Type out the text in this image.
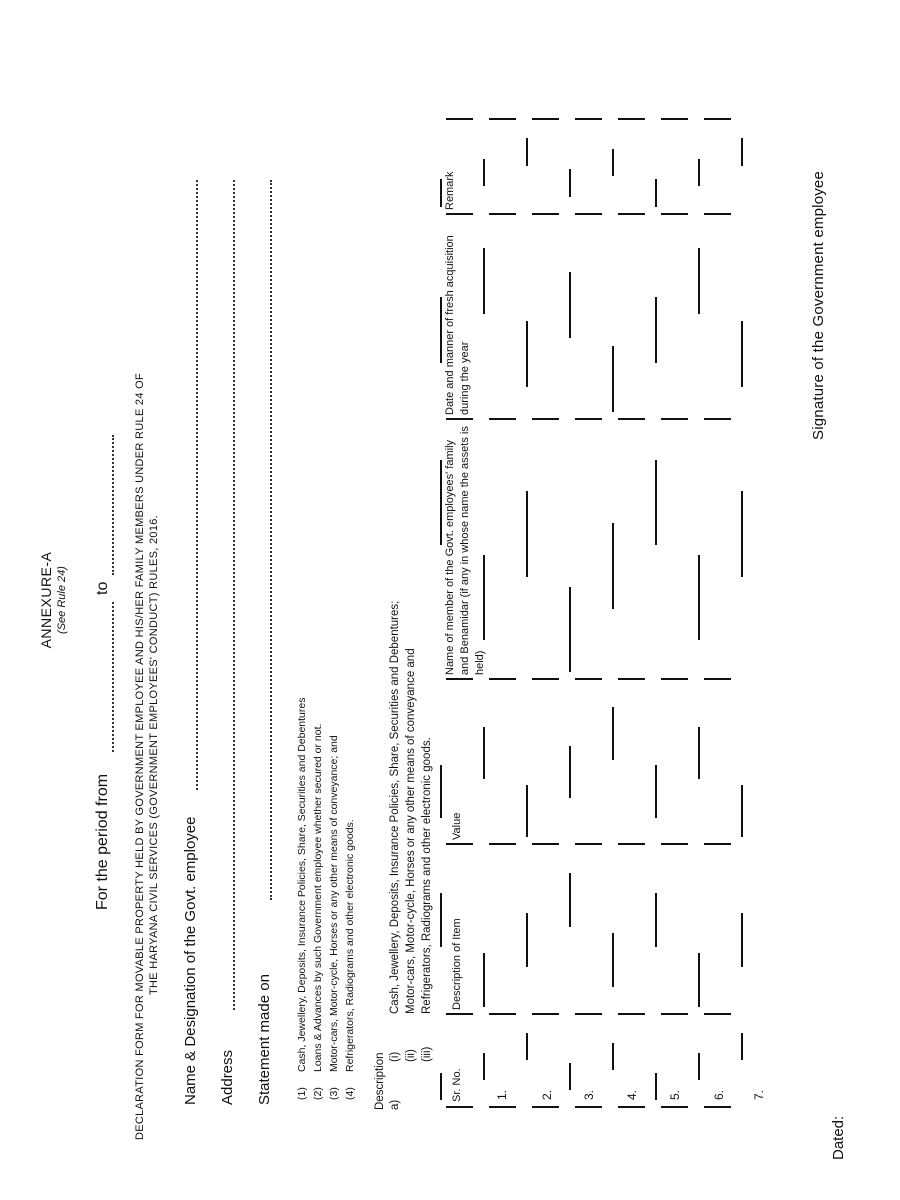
ANNEXURE-A (See Rule 24)
For the period from
to DECLARATION FORM FOR MOVABLE PROPERTY HELD BY GOVERNMENT EMPLOYEE AND HIS/HER FAMILY MEMBERS UNDER RULE 24 OF THE HARYANA CIVIL SERVICES (GOVERNMENT EMPLOYEES' CONDUCT) RULES, 2016. Name & Designation of the Govt. employee Address Statement made on (1)Cash, Jewellery, Deposits, Insurance Policies, Share, Securities and Debentures
(2)Loans & Advances by such Government employee whether secured or not.
(3)Motor-cars, Motor-cycle, Horses or any other means of conveyance; and
(4)Refrigerators, Radiograms and other electronic goods.
Description a)
(i)Cash, Jewellery, Deposits, Insurance Policies, Share, Securities and Debentures;
(ii)Motor-cars, Motor-cycle, Horses or any other means of conveyance and
(iii)Refrigerators, Radiograms and other electronic goods.
Sr. No.
Description of Item
Value
Name of member of the Govt. employees' family and Benamidar (if any in whose name the assets is held)
Date and manner of fresh acquisition during the year
Remark
1.	2. 3. 4. 5.	6. 7.
Dated:
Signature of the Government employee
